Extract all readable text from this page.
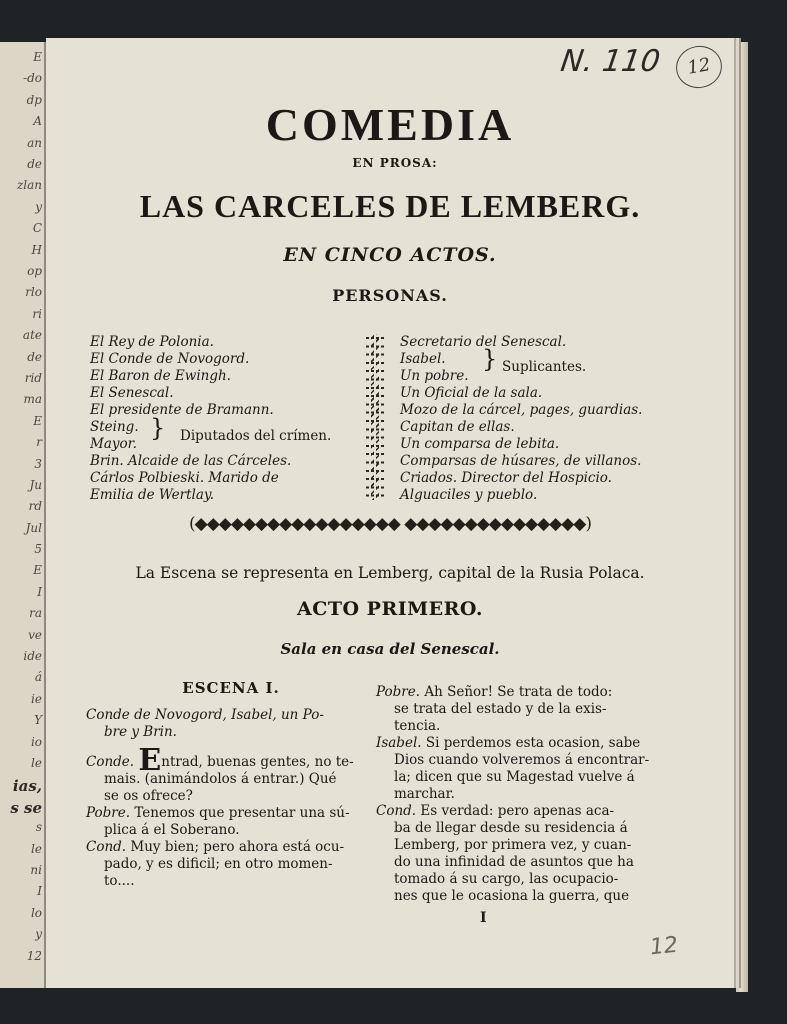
E
-do
dp
A
an
de
zlan
y
C
H
op
rlo
ri
ate
de
rid
ma
E
r
3
Ju
rd
Jul
5
E
I
ra
ve
ide
á
ie
Y
io
le
ias,
s se
s
le
ni
I
lo
y
12
N. 110	12
COMEDIA
EN PROSA:
LAS CARCELES DE LEMBERG.
EN CINCO ACTOS.
PERSONAS.
El Rey de Polonia.
El Conde de Novogord.
El Baron de Ewingh.
El Senescal.
El presidente de Bramann.
Steing.
Mayor.
} Diputados del crímen.
Brin. Alcaide de las Cárceles.
Cárlos Polbieski. Marido de
Emilia de Wertlay.
Secretario del Senescal.
Isabel.
Un pobre.
} Suplicantes.
Un Oficial de la sala.
Mozo de la cárcel, pages, guardias.
Capitan de ellas.
Un comparsa de lebita.
Comparsas de húsares, de villanos.
Criados. Director del Hospicio.
Alguaciles y pueblo.
(◆◆◆◆◆◆◆◆◆◆◆◆◆◆◆◆◆ ◆◆◆◆◆◆◆◆◆◆◆◆◆◆◆)
La Escena se representa en Lemberg, capital de la Rusia Polaca.
ACTO PRIMERO.
Sala en casa del Senescal.

ESCENA I.

Conde de Novogord, Isabel, un Po-

bre y Brin.

Conde. Entrad, buenas gentes, no te-

mais. (animándolos á entrar.) Qué

se os ofrece?

Pobre. Tenemos que presentar una sú-

plica á el Soberano.

Cond. Muy bien; pero ahora está ocu-

pado, y es dificil; en otro momen-

to....

Pobre. Ah Señor! Se trata de todo:

se trata del estado y de la exis-

tencia.

Isabel. Si perdemos esta ocasion, sabe

Dios cuando volveremos á encontrar-

la; dicen que su Magestad vuelve á

marchar.

Cond. Es verdad: pero apenas aca-

ba de llegar desde su residencia á

Lemberg, por primera vez, y cuan-

do una infinidad de asuntos que ha

tomado á su cargo, las ocupacio-

nes que le ocasiona la guerra, que

I
12
